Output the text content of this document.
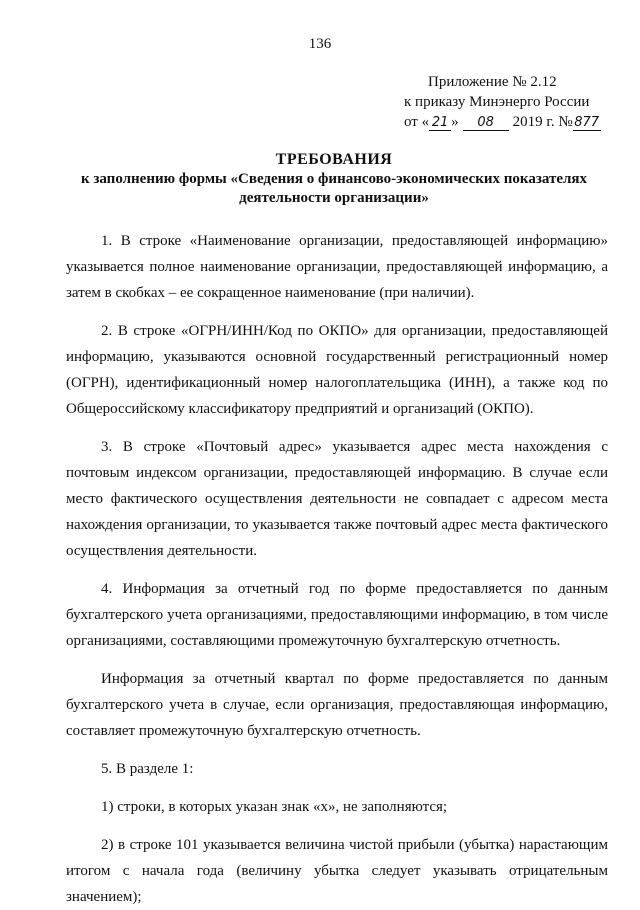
136
Приложение № 2.12
к приказу Минэнерго России
от « 21 » 08 2019 г. № 877
ТРЕБОВАНИЯ
к заполнению формы «Сведения о финансово-экономических показателях
деятельности организации»

1. В строке «Наименование организации, предоставляющей информацию» указывается полное наименование организации, предоставляющей информацию, а затем в скобках – ее сокращенное наименование (при наличии).

2. В строке «ОГРН/ИНН/Код по ОКПО» для организации, предоставляющей информацию, указываются основной государственный регистрационный номер (ОГРН), идентификационный номер налогоплательщика (ИНН), а также код по Общероссийскому классификатору предприятий и организаций (ОКПО).

3. В строке «Почтовый адрес» указывается адрес места нахождения с почтовым индексом организации, предоставляющей информацию. В случае если место фактического осуществления деятельности не совпадает с адресом места нахождения организации, то указывается также почтовый адрес места фактического осуществления деятельности.

4. Информация за отчетный год по форме предоставляется по данным бухгалтерского учета организациями, предоставляющими информацию, в том числе организациями, составляющими промежуточную бухгалтерскую отчетность.

Информация за отчетный квартал по форме предоставляется по данным бухгалтерского учета в случае, если организация, предоставляющая информацию, составляет промежуточную бухгалтерскую отчетность.

5. В разделе 1:

1) строки, в которых указан знак «x», не заполняются;

2) в строке 101 указывается величина чистой прибыли (убытка) нарастающим итогом с начала года (величину убытка следует указывать отрицательным значением);
